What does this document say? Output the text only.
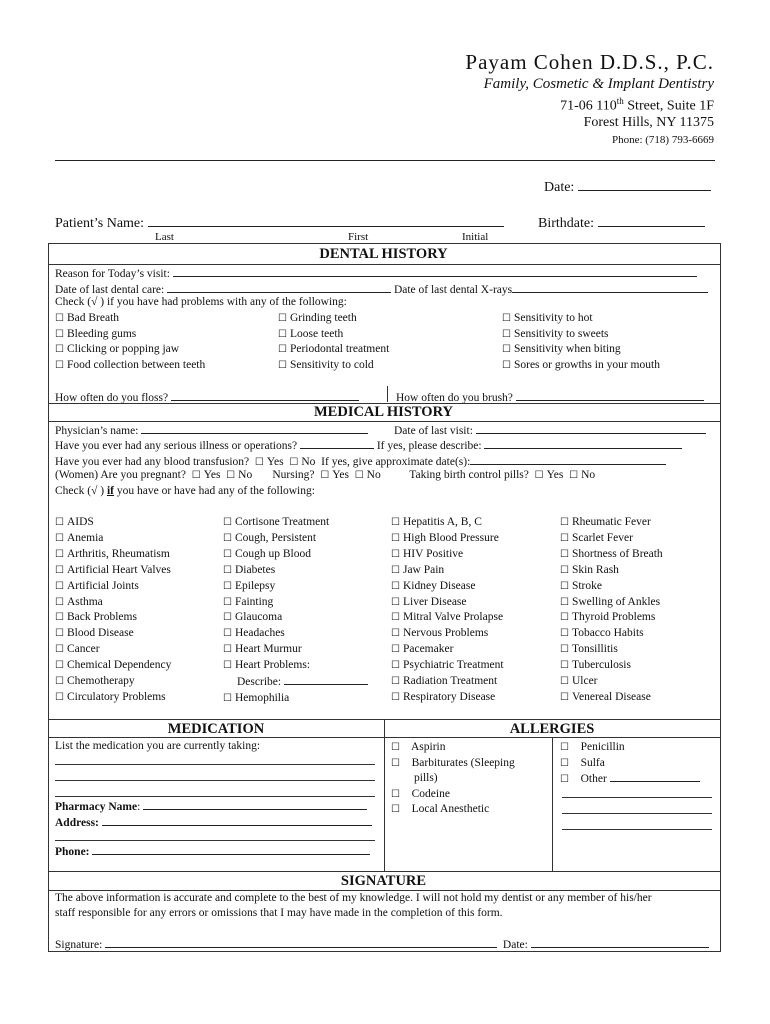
Payam Cohen D.D.S., P.C.
Family, Cosmetic & Implant Dentistry
71-06 110th Street, Suite 1F
Forest Hills, NY 11375
Phone: (718) 793-6669
Date:
Patient’s Name:	Birthdate:
Last	First	Initial
DENTAL HISTORY
Reason for Today’s visit:
Date of last dental care:	Date of last dental X-rays
Check (√ ) if you have had problems with any of the following:
☐ Bad Breath
☐ Bleeding gums
☐ Clicking or popping jaw
☐ Food collection between teeth
☐ Grinding teeth
☐ Loose teeth
☐ Periodontal treatment
☐ Sensitivity to cold
☐ Sensitivity to hot
☐ Sensitivity to sweets
☐ Sensitivity when biting
☐ Sores or growths in your mouth
How often do you floss?	How often do you brush?
MEDICAL HISTORY
Physician’s name:	Date of last visit:
Have you ever had any serious illness or operations?	If yes, please describe:
Have you ever had any blood transfusion? ☐ Yes ☐ No If yes, give approximate date(s):
(Women) Are you pregnant? ☐ Yes ☐ No Nursing? ☐ Yes ☐ No Taking birth control pills? ☐ Yes ☐ No
Check (√ ) if you have or have had any of the following:
☐ AIDS
☐ Anemia
☐ Arthritis, Rheumatism
☐ Artificial Heart Valves
☐ Artificial Joints
☐ Asthma
☐ Back Problems
☐ Blood Disease
☐ Cancer
☐ Chemical Dependency
☐ Chemotherapy
☐ Circulatory Problems
☐ Cortisone Treatment
☐ Cough, Persistent
☐ Cough up Blood
☐ Diabetes
☐ Epilepsy
☐ Fainting
☐ Glaucoma
☐ Headaches
☐ Heart Murmur
☐ Heart Problems:
Describe:
☐ Hemophilia
☐ Hepatitis A, B, C
☐ High Blood Pressure
☐ HIV Positive
☐ Jaw Pain
☐ Kidney Disease
☐ Liver Disease
☐ Mitral Valve Prolapse
☐ Nervous Problems
☐ Pacemaker
☐ Psychiatric Treatment
☐ Radiation Treatment
☐ Respiratory Disease
☐ Rheumatic Fever
☐ Scarlet Fever
☐ Shortness of Breath
☐ Skin Rash
☐ Stroke
☐ Swelling of Ankles
☐ Thyroid Problems
☐ Tobacco Habits
☐ Tonsillitis
☐ Tuberculosis
☐ Ulcer
☐ Venereal Disease
MEDICATION	ALLERGIES
List the medication you are currently taking:
Pharmacy Name:
Address:
Phone:
☐    Aspirin
☐    Barbiturates (Sleeping
pills)
☐    Codeine
☐    Local Anesthetic
☐    Penicillin
☐    Sulfa
☐    Other
SIGNATURE
The above information is accurate and complete to the best of my knowledge. I will not hold my dentist or any member of his/her
staff responsible for any errors or omissions that I may have made in the completion of this form.
Signature:	Date:
